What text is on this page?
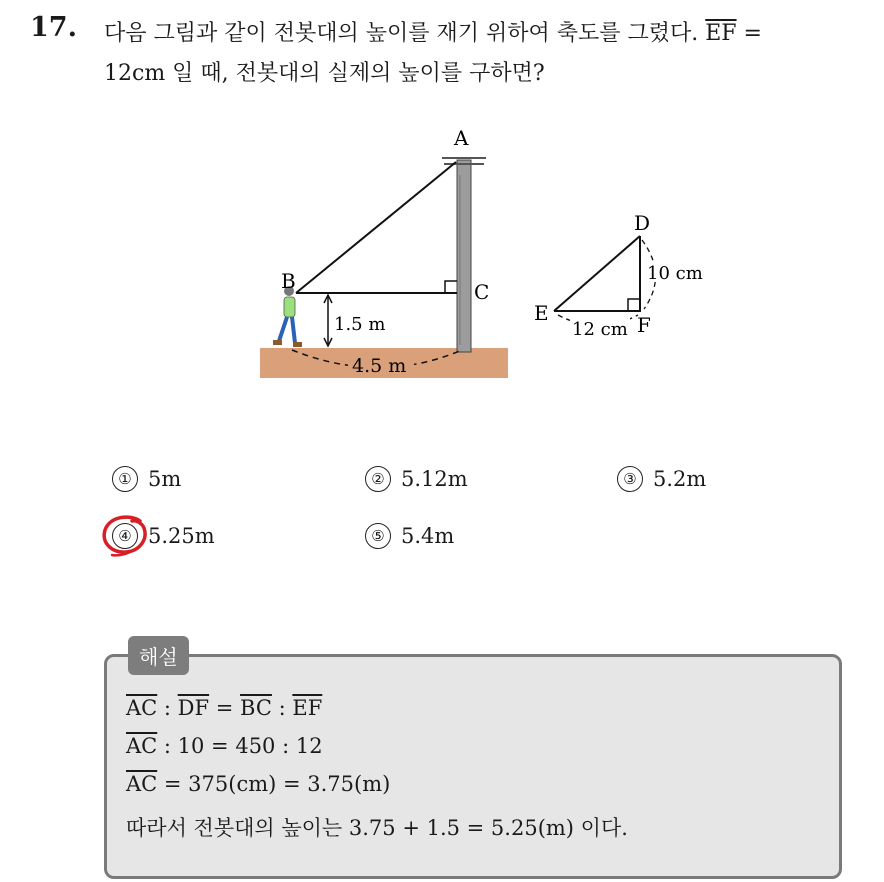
17. 다음 그림과 같이 전봇대의 높이를 재기 위하여 축도를 그렸다. $\overline{EF}$ =
12cm 일 때, 전봇대의 실제의 높이를 구하면?
1.5 m
4.5 m
A
B	C
10 cm
12 cm
D
E	F
① 5m	② 5.12m	③ 5.2m
④ 5.25m	⑤ 5.4m
해설
$\overline{AC}$ : $\overline{DF} = \overline{BC}$ : $\overline{EF}$
$\overline{AC}$ : 10 = 450 : 12
$\overline{AC} = 375(cm) = 3.75(m)$
따라서 전봇대의 높이는 3.75 + 1.5 = 5.25(m) 이다.
